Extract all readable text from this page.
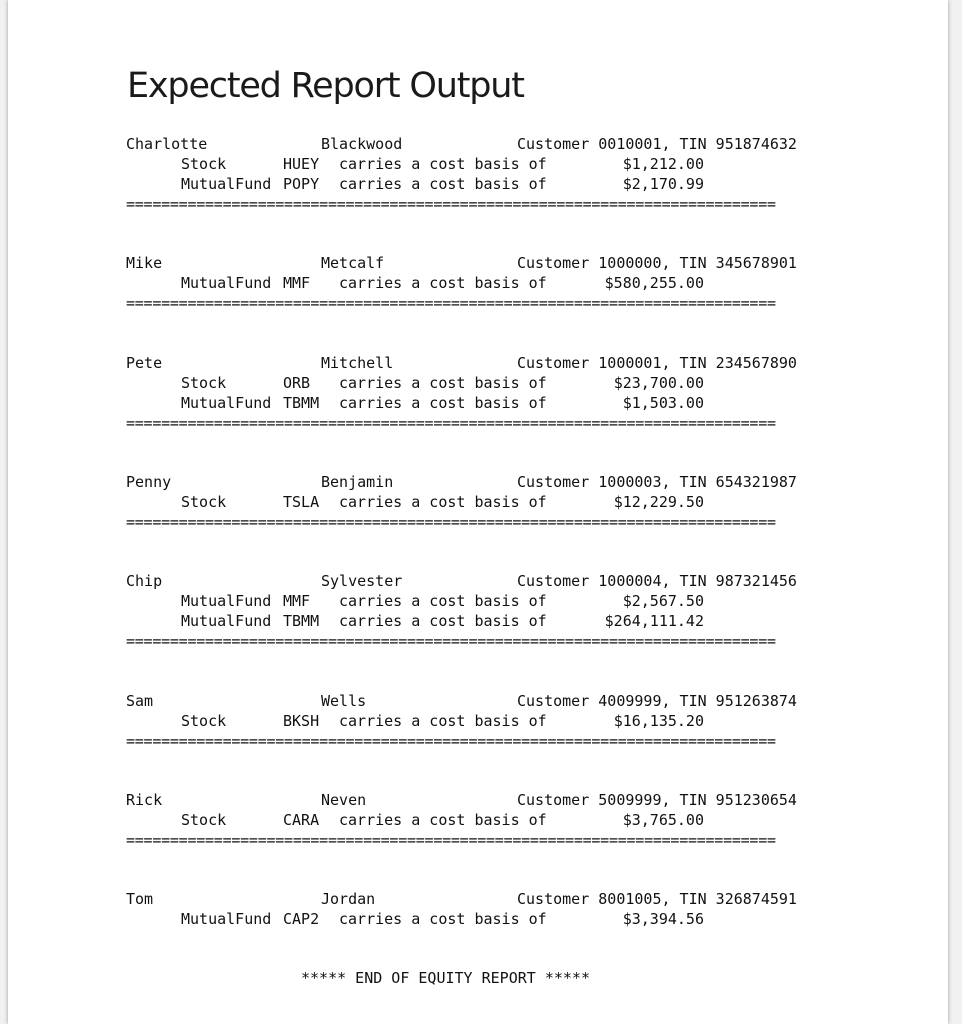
Expected Report Output
Charlotte	Blackwood	Customer 0010001, TIN 951874632
Stock	HUEY carries a cost basis of	$1,212.00
MutualFund POPY carries a cost basis of	$2,170.99
==========================================================================
Mike	Metcalf	Customer 1000000, TIN 345678901
MutualFund MMF carries a cost basis of	$580,255.00
==========================================================================
Pete	Mitchell	Customer 1000001, TIN 234567890
Stock	ORB carries a cost basis of	$23,700.00
MutualFund TBMM carries a cost basis of	$1,503.00
==========================================================================
Penny	Benjamin	Customer 1000003, TIN 654321987
Stock	TSLA carries a cost basis of	$12,229.50
==========================================================================
Chip	Sylvester	Customer 1000004, TIN 987321456
MutualFund MMF carries a cost basis of	$2,567.50
MutualFund TBMM carries a cost basis of	$264,111.42
==========================================================================
Sam	Wells	Customer 4009999, TIN 951263874
Stock	BKSH carries a cost basis of	$16,135.20
==========================================================================
Rick	Neven	Customer 5009999, TIN 951230654
Stock	CARA carries a cost basis of	$3,765.00
==========================================================================
Tom	Jordan	Customer 8001005, TIN 326874591
MutualFund CAP2 carries a cost basis of	$3,394.56
***** END OF EQUITY REPORT *****
